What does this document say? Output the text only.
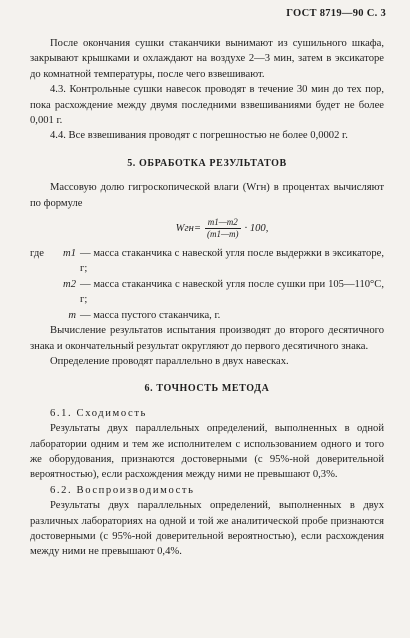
ГОСТ 8719—90 С. 3

После окончания сушки стаканчики вынимают из сушильного шкафа, закрывают крышками и охлаждают на воздухе 2—3 мин, затем в эксикаторе до комнатной температуры, после чего взвешивают.

4.3. Контрольные сушки навесок проводят в течение 30 мин до тех пор, пока расхождение между двумя последними взвешиваниями будет не более 0,001 г.

4.4. Все взвешивания проводят с погрешностью не более 0,0002 г.

5. ОБРАБОТКА РЕЗУЛЬТАТОВ

Массовую долю гигроскопической влаги (Wгн) в процентах вычисляют по формуле

$Wгн= \frac{m1—m2}{(m1—m)} \cdot 100$,
где	m1 — масса стаканчика с навеской угля после выдержки в эксикаторе, г;
m2 — масса стаканчика с навеской угля после сушки при 105—110°С, г;
m — масса пустого стаканчика, г.

Вычисление результатов испытания производят до второго десятичного знака и окончательный результат округляют до первого десятичного знака.

Определение проводят параллельно в двух навесках.

6. ТОЧНОСТЬ МЕТОДА

6.1. Сходимость

Результаты двух параллельных определений, выполненных в одной лаборатории одним и тем же исполнителем с использованием одного и того же оборудования, признаются достоверными (с 95%-ной доверительной вероятностью), если расхождения между ними не превышают 0,3%.

6.2. Воспроизводимость

Результаты двух параллельных определений, выполненных в двух различных лабораториях на одной и той же аналитической пробе признаются достоверными (с 95%-ной доверительной вероятностью), если расхождения между ними не превышают 0,4%.
